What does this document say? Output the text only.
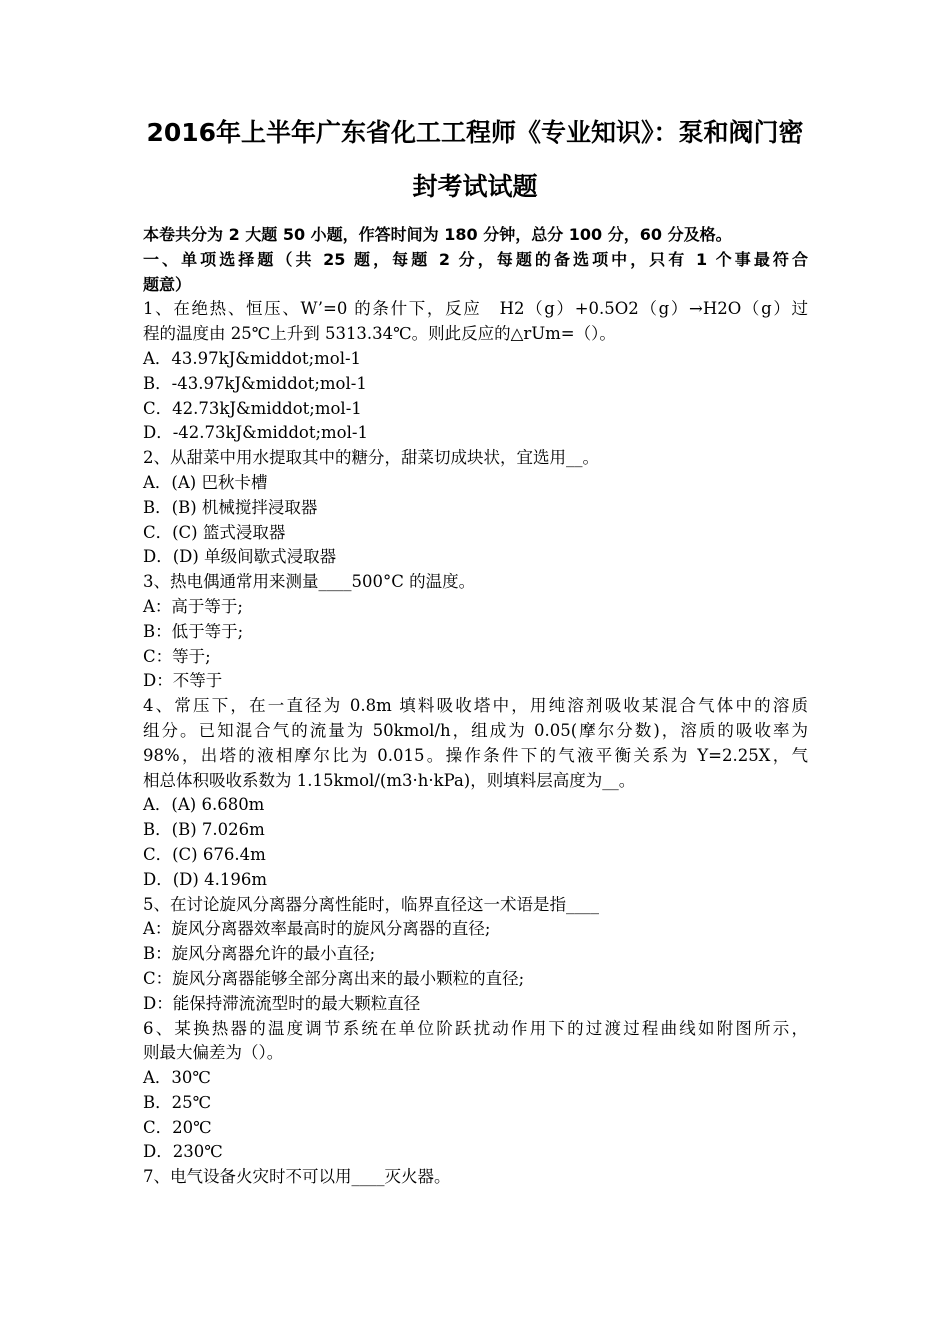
2016年上半年广东省化工工程师《专业知识》：泵和阀门密
封考试试题
本卷共分为 2 大题 50 小题，作答时间为 180 分钟，总分 100 分，60 分及格。
一、单项选择题（共 25 题，每题 2 分，每题的备选项中，只有 1 个事最符合
题意）
1、在绝热、恒压、W’=0 的条什下，反应　H2（g）+0.5O2（g）→H2O（g）过
程的温度由 25℃上升到 5313.34℃。则此反应的△rUm=（）。
A．43.97kJ&middot;mol-1
B．-43.97kJ&middot;mol-1
C．42.73kJ&middot;mol-1
D．-42.73kJ&middot;mol-1
2、从甜菜中用水提取其中的糖分，甜菜切成块状，宜选用__。
A．(A) 巴秋卡槽
B．(B) 机械搅拌浸取器
C．(C) 篮式浸取器
D．(D) 单级间歇式浸取器
3、热电偶通常用来测量____500°C 的温度。
A：高于等于;
B：低于等于;
C：等于;
D：不等于
4、常压下，在一直径为 0.8m 填料吸收塔中，用纯溶剂吸收某混合气体中的溶质
组分。已知混合气的流量为 50kmol/h，组成为 0.05(摩尔分数)，溶质的吸收率为
98%，出塔的液相摩尔比为 0.015。操作条件下的气液平衡关系为 Y=2.25X，气
相总体积吸收系数为 1.15kmol/(m3·h·kPa)，则填料层高度为__。
A．(A) 6.680m
B．(B) 7.026m
C．(C) 676.4m
D．(D) 4.196m
5、在讨论旋风分离器分离性能时，临界直径这一术语是指____
A：旋风分离器效率最高时的旋风分离器的直径;
B：旋风分离器允许的最小直径;
C：旋风分离器能够全部分离出来的最小颗粒的直径;
D：能保持滞流流型时的最大颗粒直径
6、某换热器的温度调节系统在单位阶跃扰动作用下的过渡过程曲线如附图所示，
则最大偏差为（）。
A．30℃
B．25℃
C．20℃
D．230℃
7、电气设备火灾时不可以用____灭火器。
